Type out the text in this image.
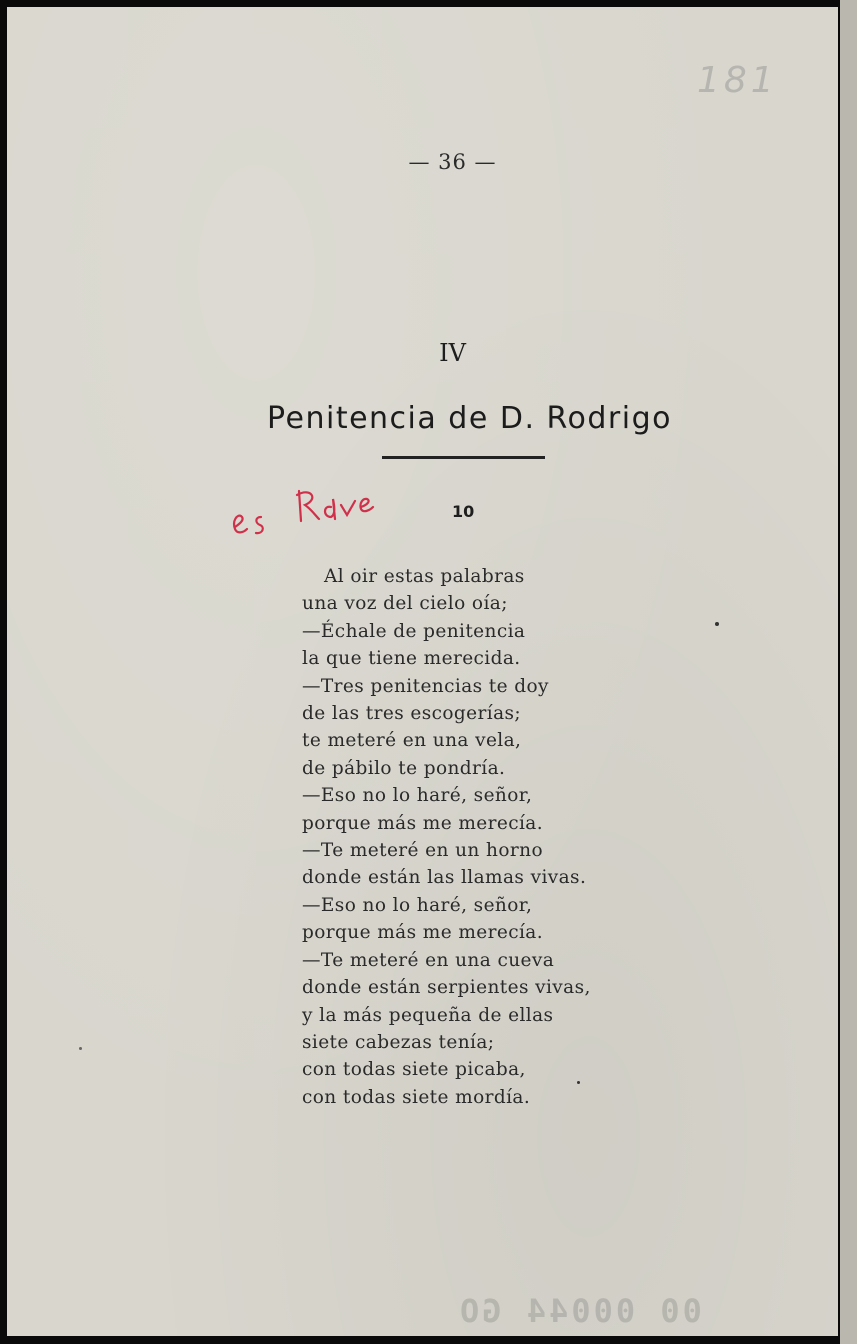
181
— 36 —
IV
Penitencia de D. Rodrigo
es Rdv
10
Al oir estas palabras
una voz del cielo oía;
—Échale de penitencia
la que tiene merecida.
—Tres penitencias te doy
de las tres escogerías;
te meteré en una vela,
de pábilo te pondría.
—Eso no lo haré, señor,
porque más me merecía.
—Te meteré en un horno
donde están las llamas vivas.
—Eso no lo haré, señor,
porque más me merecía.
—Te meteré en una cueva
donde están serpientes vivas,
y la más pequeña de ellas
siete cabezas tenía;
con todas siete picaba,
con todas siete mordía.
00 00044 GO
